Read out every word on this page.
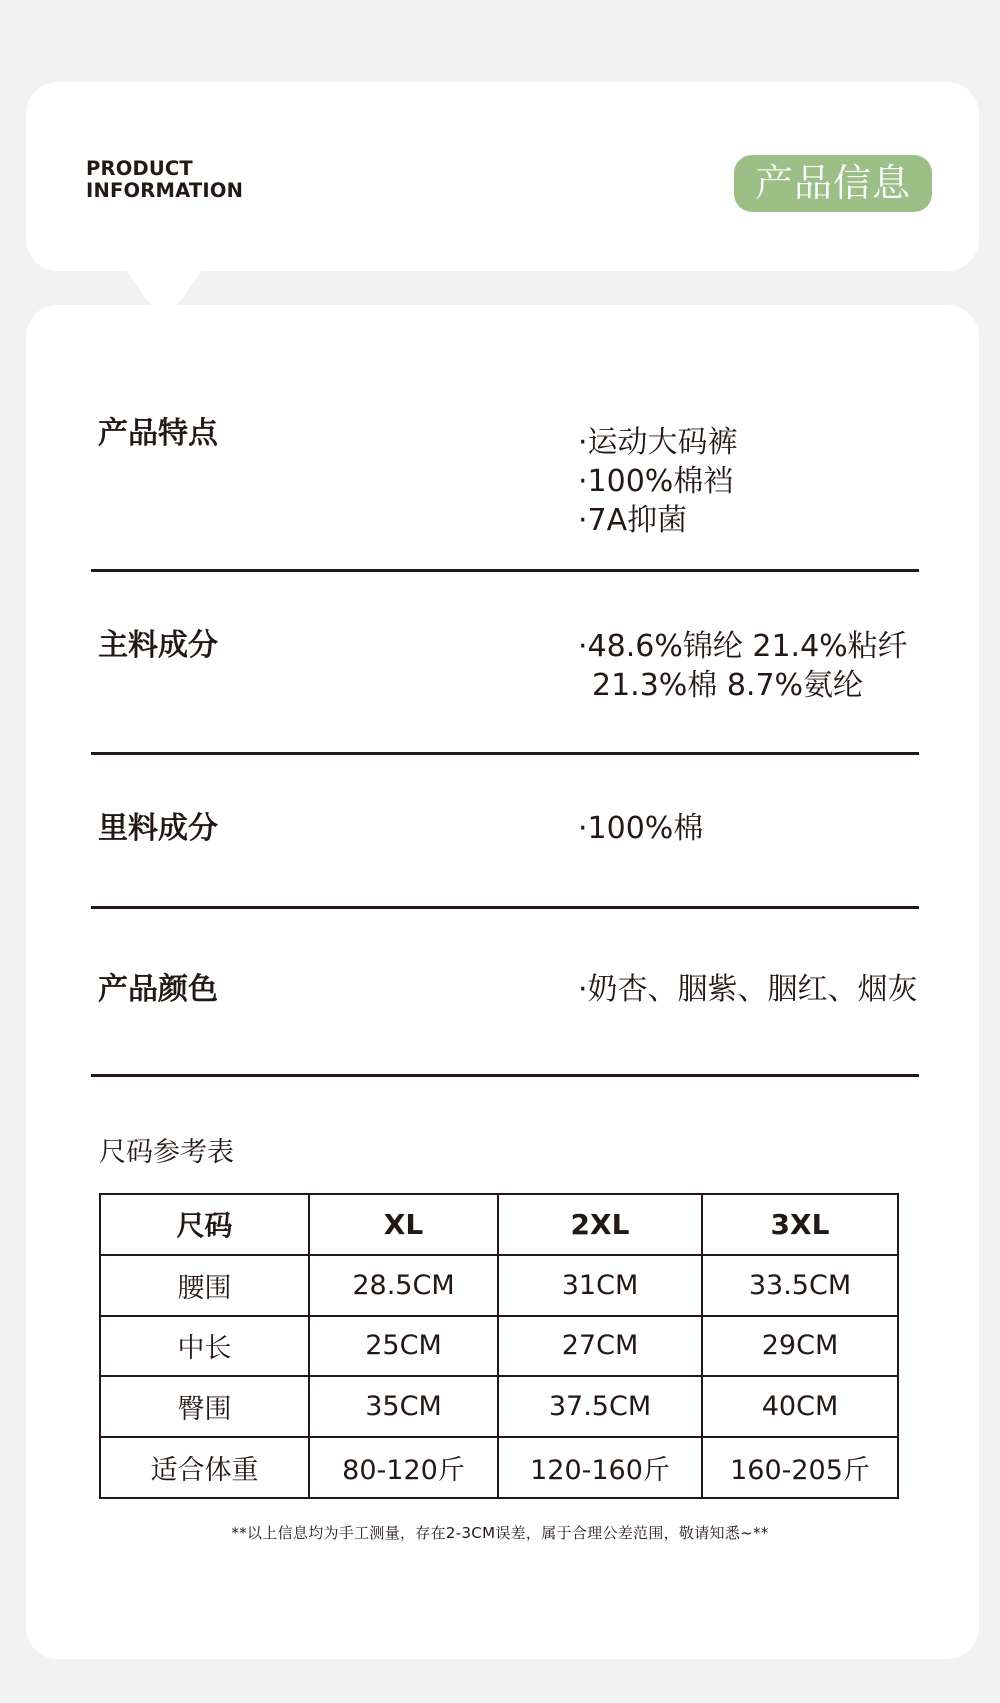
PRODUCT
INFORMATION	产品信息
产品特点	·运动大码裤
·100%棉裆
·7A抑菌
主料成分	·48.6%锦纶 21.4%粘纤
21.3%棉 8.7%氨纶
里料成分	·100%棉
产品颜色	·奶杏、胭紫、胭红、烟灰
尺码参考表
尺码	XL	2XL	3XL
腰围	28.5CM	31CM	33.5CM
中长	25CM	27CM	29CM
臀围	35CM	37.5CM	40CM
适合体重	80-120斤	120-160斤	160-205斤
**以上信息均为手工测量，存在2-3CM误差，属于合理公差范围，敬请知悉~**
